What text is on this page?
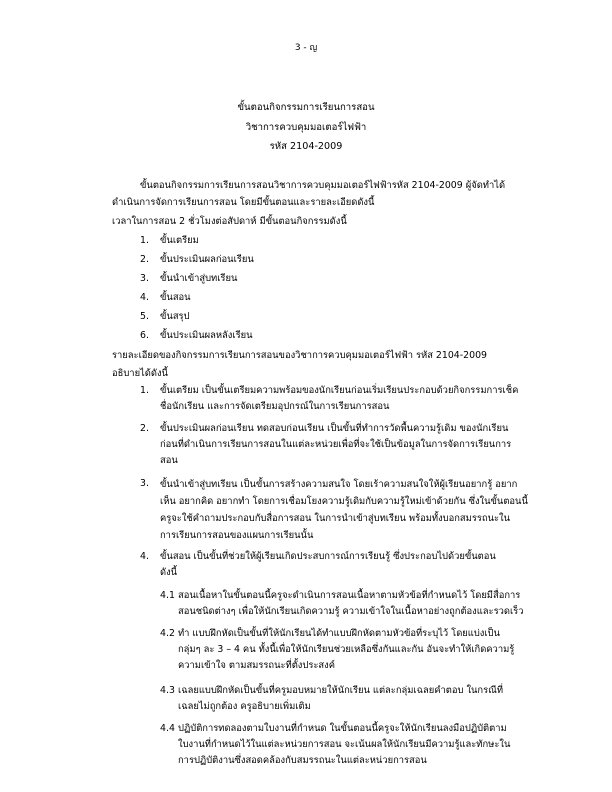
3 - ญ
ขั้นตอนกิจกรรมการเรียนการสอน
วิชาการควบคุมมอเตอร์ไฟฟ้า
รหัส 2104-2009
ขั้นตอนกิจกรรมการเรียนการสอนวิชาการควบคุมมอเตอร์ไฟฟ้ารหัส 2104-2009 ผู้จัดทำได้
ดำเนินการจัดการเรียนการสอน โดยมีขั้นตอนและรายละเอียดดังนี้
เวลาในการสอน 2 ชั่วโมงต่อสัปดาห์ มีขั้นตอนกิจกรรมดังนี้
1. ขั้นเตรียม
2. ขั้นประเมินผลก่อนเรียน
3. ขั้นนำเข้าสู่บทเรียน
4. ขั้นสอน
5. ขั้นสรุป
6. ขั้นประเมินผลหลังเรียน
รายละเอียดของกิจกรรมการเรียนการสอนของวิชาการควบคุมมอเตอร์ไฟฟ้า รหัส 2104-2009
อธิบายได้ดังนี้
1. ขั้นเตรียม เป็นขั้นเตรียมความพร้อมของนักเรียนก่อนเริ่มเรียนประกอบด้วยกิจกรรมการเช็ค
ชื่อนักเรียน และการจัดเตรียมอุปกรณ์ในการเรียนการสอน
2. ขั้นประเมินผลก่อนเรียน ทดสอบก่อนเรียน เป็นขั้นที่ทำการวัดพื้นความรู้เดิม ของนักเรียน
ก่อนที่ดำเนินการเรียนการสอนในแต่ละหน่วยเพื่อที่จะใช้เป็นข้อมูลในการจัดการเรียนการ
สอน
3. ขั้นนำเข้าสู่บทเรียน เป็นขั้นการสร้างความสนใจ โดยเร้าความสนใจให้ผู้เรียนอยากรู้ อยาก
เห็น อยากคิด อยากทำ โดยการเชื่อมโยงความรู้เดิมกับความรู้ใหม่เข้าด้วยกัน ซึ่งในขั้นตอนนี้
ครูจะใช้คำถามประกอบกับสื่อการสอน ในการนำเข้าสู่บทเรียน พร้อมทั้งบอกสมรรถนะใน
การเรียนการสอนของแผนการเรียนนั้น
4. ขั้นสอน เป็นขั้นที่ช่วยให้ผู้เรียนเกิดประสบการณ์การเรียนรู้ ซึ่งประกอบไปด้วยขั้นตอน
ดังนี้
4.1 สอนเนื้อหาในขั้นตอนนี้ครูจะดำเนินการสอนเนื้อหาตามหัวข้อที่กำหนดไว้ โดยมีสื่อการ
สอนชนิดต่างๆ เพื่อให้นักเรียนเกิดความรู้ ความเข้าใจในเนื้อหาอย่างถูกต้องและรวดเร็ว
4.2 ทำ แบบฝึกหัดเป็นขั้นที่ให้นักเรียนได้ทำแบบฝึกหัดตามหัวข้อที่ระบุไว้ โดยแบ่งเป็น
กลุ่มๆ ละ 3 – 4 คน ทั้งนี้เพื่อให้นักเรียนช่วยเหลือซึ่งกันและกัน อันจะทำให้เกิดความรู้
ความเข้าใจ ตามสมรรถนะที่ตั้งประสงค์
4.3 เฉลยแบบฝึกหัดเป็นขั้นที่ครูมอบหมายให้นักเรียน แต่ละกลุ่มเฉลยคำตอบ ในกรณีที่
เฉลยไม่ถูกต้อง ครูอธิบายเพิ่มเติม
4.4 ปฏิบัติการทดลองตามใบงานที่กำหนด ในขั้นตอนนี้ครูจะให้นักเรียนลงมือปฏิบัติตาม
ใบงานที่กำหนดไว้ในแต่ละหน่วยการสอน จะเน้นผลให้นักเรียนมีความรู้และทักษะใน
การปฏิบัติงานซึ่งสอดคล้องกับสมรรถนะในแต่ละหน่วยการสอน
